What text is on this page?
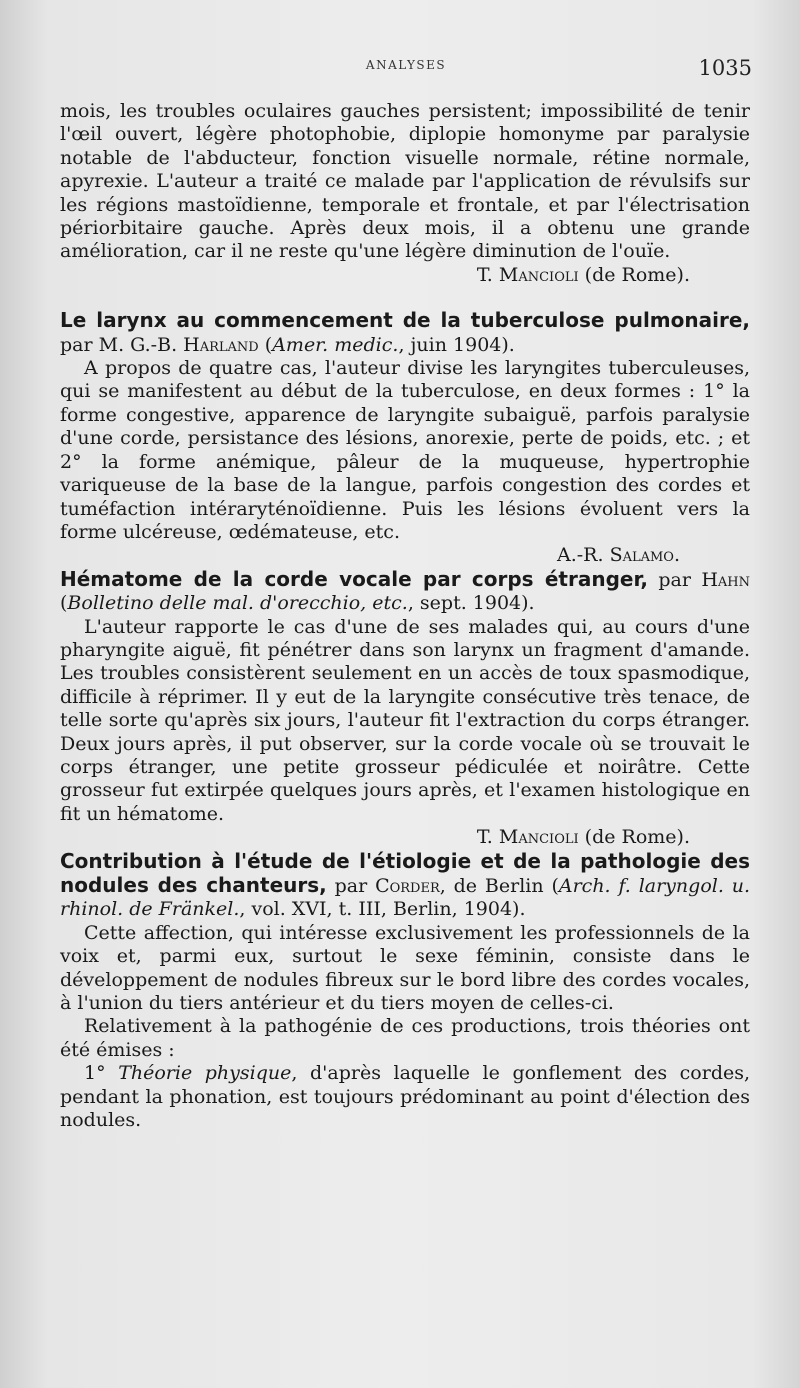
ANALYSES	1035

mois, les troubles oculaires gauches persistent; impossibilité de tenir l'œil ouvert, légère photophobie, diplopie homonyme par paralysie notable de l'abducteur, fonction visuelle normale, rétine normale, apyrexie. L'auteur a traité ce malade par l'application de révulsifs sur les régions mastoïdienne, temporale et frontale, et par l'électrisation périorbitaire gauche. Après deux mois, il a obtenu une grande amélioration, car il ne reste qu'une légère diminution de l'ouïe.

T. Mancioli (de Rome).

Le larynx au commencement de la tuberculose pulmonaire, par M. G.-B. Harland (Amer. medic., juin 1904).

A propos de quatre cas, l'auteur divise les laryngites tuberculeuses, qui se manifestent au début de la tuberculose, en deux formes : 1° la forme congestive, apparence de laryngite subaiguë, parfois paralysie d'une corde, persistance des lésions, anorexie, perte de poids, etc. ; et 2° la forme anémique, pâleur de la muqueuse, hypertrophie variqueuse de la base de la langue, parfois congestion des cordes et tuméfaction intéraryténoïdienne. Puis les lésions évoluent vers la forme ulcéreuse, œdémateuse, etc.

A.-R. Salamo.

Hématome de la corde vocale par corps étranger, par Hahn (Bolletino delle mal. d'orecchio, etc., sept. 1904).

L'auteur rapporte le cas d'une de ses malades qui, au cours d'une pharyngite aiguë, fit pénétrer dans son larynx un fragment d'amande. Les troubles consistèrent seulement en un accès de toux spasmodique, difficile à réprimer. Il y eut de la laryngite consécutive très tenace, de telle sorte qu'après six jours, l'auteur fit l'extraction du corps étranger. Deux jours après, il put observer, sur la corde vocale où se trouvait le corps étranger, une petite grosseur pédiculée et noirâtre. Cette grosseur fut extirpée quelques jours après, et l'examen histologique en fit un hématome.

T. Mancioli (de Rome).

Contribution à l'étude de l'étiologie et de la pathologie des nodules des chanteurs, par Corder, de Berlin (Arch. f. laryngol. u. rhinol. de Fränkel., vol. XVI, t. III, Berlin, 1904).

Cette affection, qui intéresse exclusivement les professionnels de la voix et, parmi eux, surtout le sexe féminin, consiste dans le développement de nodules fibreux sur le bord libre des cordes vocales, à l'union du tiers antérieur et du tiers moyen de celles-ci.

Relativement à la pathogénie de ces productions, trois théories ont été émises :

1° Théorie physique, d'après laquelle le gonflement des cordes, pendant la phonation, est toujours prédominant au point d'élection des nodules.
